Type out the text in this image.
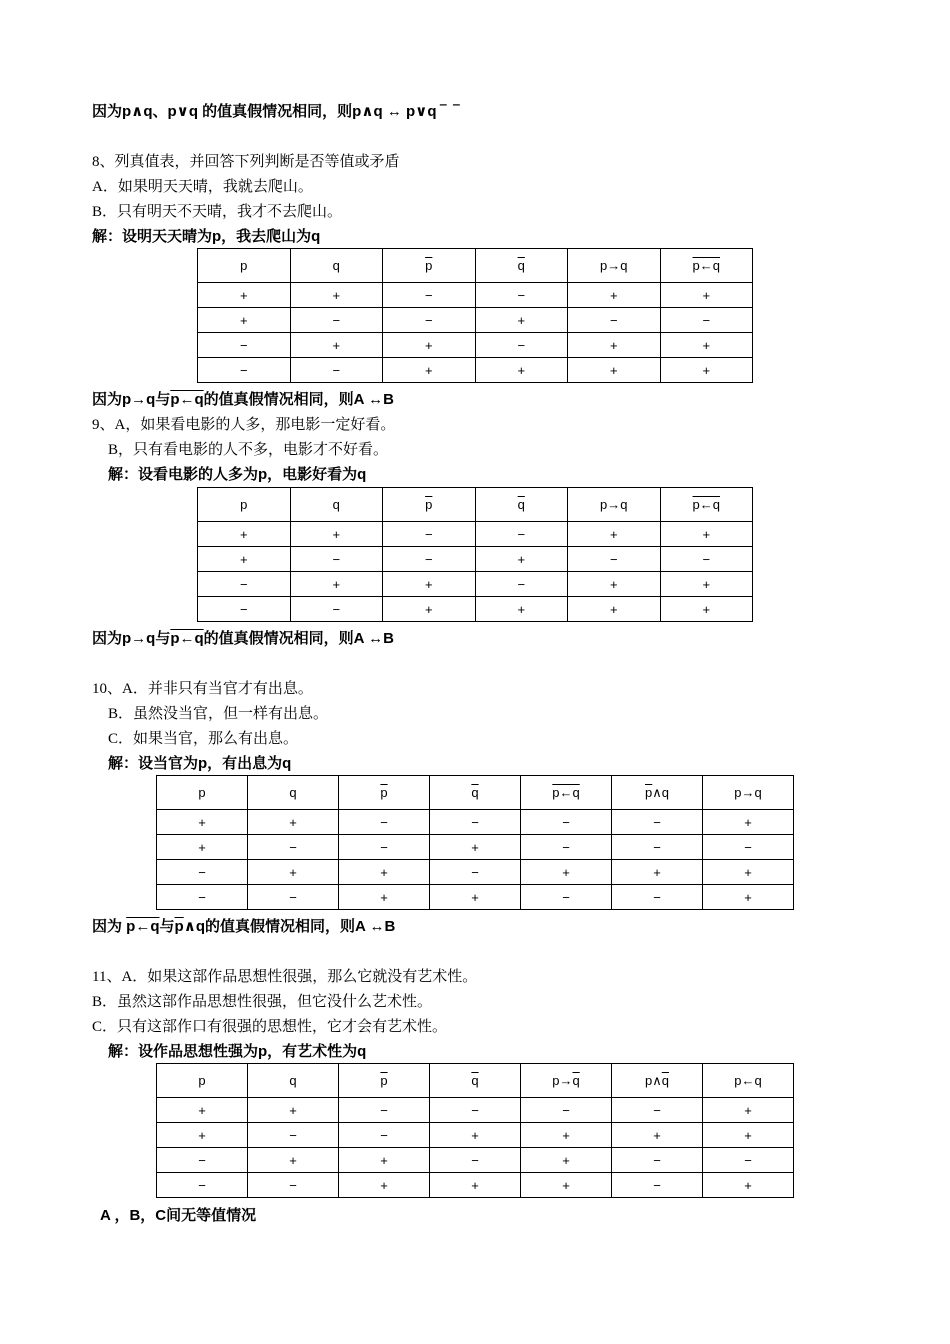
因为p∧q、p∨q 的值真假情况相同，则p∧q ↔ p∨q ‾ ‾
8、列真值表，并回答下列判断是否等值或矛盾
A．如果明天天晴，我就去爬山。
B．只有明天不天晴，我才不去爬山。
解：设明天天晴为p，我去爬山为q
p	q	$\overline{p}$	$\overline{q}$	p→q	p←q
+	+	−	−	+	+
+	−	−	+	−	−
−	+	+	−	+	+
−	−	+	+	+	+
因为p→q与p←q的值真假情况相同，则A ↔B
9、A，如果看电影的人多，那电影一定好看。
B，只有看电影的人不多，电影才不好看。
解：设看电影的人多为p，电影好看为q
p	q	$\overline{p}$	$\overline{q}$	p→q	p←q
+	+	−	−	+	+
+	−	−	+	−	−
−	+	+	−	+	+
−	−	+	+	+	+
因为p→q与p←q的值真假情况相同，则A ↔B
10、A．并非只有当官才有出息。
B．虽然没当官，但一样有出息。
C．如果当官，那么有出息。
解：设当官为p，有出息为q
p	q	$\overline{p}$	$\overline{q}$	p←q	$\overline{p}\wedge q$	p→q
+	+	−	−	−	−	+
+	−	−	+	−	−	−
−	+	+	−	+	+	+
−	−	+	+	−	−	+
因为 p←q与$\overline{p}\wedge q$的值真假情况相同，则A ↔B
11、A．如果这部作品思想性很强，那么它就没有艺术性。
B．虽然这部作品思想性很强，但它没什么艺术性。
C．只有这部作口有很强的思想性，它才会有艺术性。
解：设作品思想性强为p，有艺术性为q
p	q	$\overline{p}$	$\overline{q}$	$p\to\overline{q}$	$p\wedge\overline{q}$	p←q
+	+	−	−	−	−	+
+	−	−	+	+	+	+
−	+	+	−	+	−	−
−	−	+	+	+	−	+
A ，B，C间无等值情况
